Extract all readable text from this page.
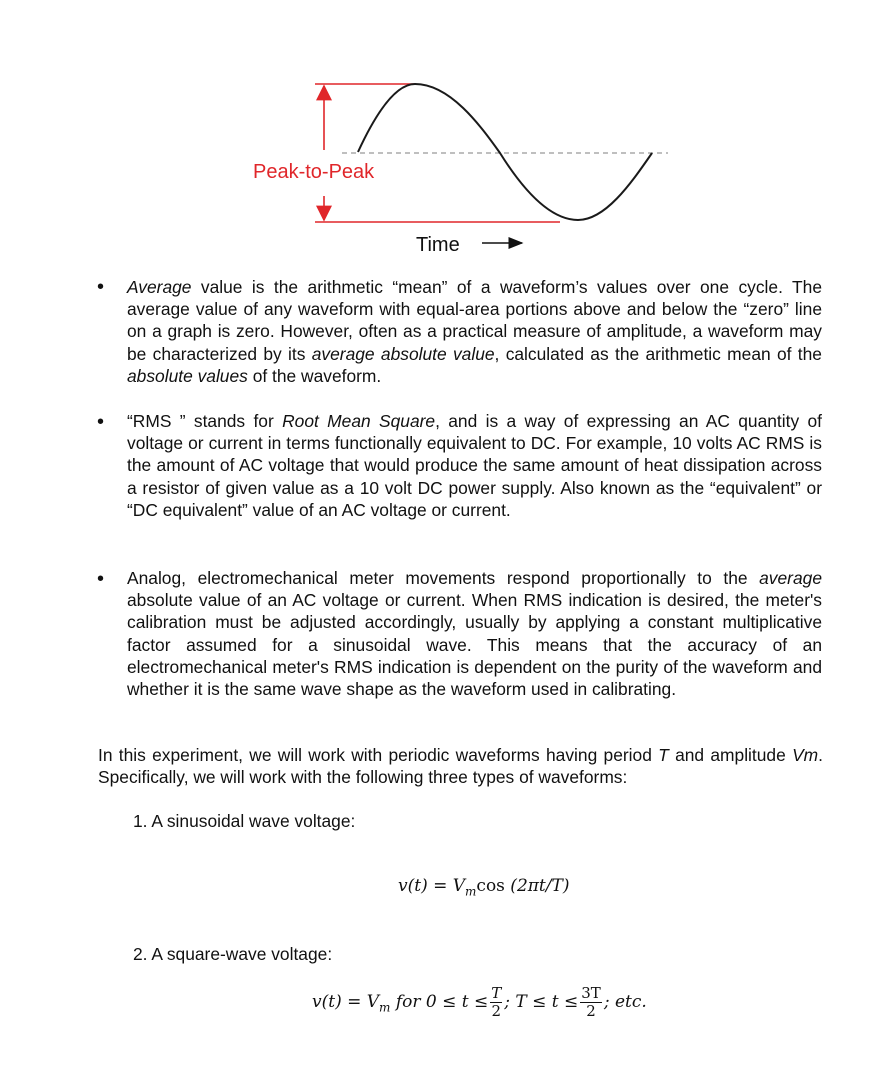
Peak-to-Peak
Time
•
Average value is the arithmetic “mean” of a waveform’s values over one cycle. The average value of any waveform with equal-area portions above and below the “zero” line on a graph is zero. However, often as a practical measure of amplitude, a waveform may be characterized by its average absolute value, calculated as the arithmetic mean of the absolute values of the waveform.
•
“RMS ” stands for Root Mean Square, and is a way of expressing an AC quantity of voltage or current in terms functionally equivalent to DC. For example, 10 volts AC RMS is the amount of AC voltage that would produce the same amount of heat dissipation across a resistor of given value as a 10 volt DC power supply. Also known as the “equivalent” or “DC equivalent” value of an AC voltage or current.
•
Analog, electromechanical meter movements respond proportionally to the average absolute value of an AC voltage or current. When RMS indication is desired, the meter's calibration must be adjusted accordingly, usually by applying a constant multiplicative factor assumed for a sinusoidal wave. This means that the accuracy of an electromechanical meter's RMS indication is dependent on the purity of the waveform and whether it is the same wave shape as the waveform used in calibrating.
In this experiment, we will work with periodic waveforms having period T and amplitude Vm. Specifically, we will work with the following three types of waveforms:
1. A sinusoidal wave voltage:
$v(t) = V_m\cos$ (2πt/T)
2. A square-wave voltage:
$v(t) = V_m$ for $0 \le t \le \frac{T}{2}$ ; $T \le t \le \frac{3T}{2}$ ; etc.
